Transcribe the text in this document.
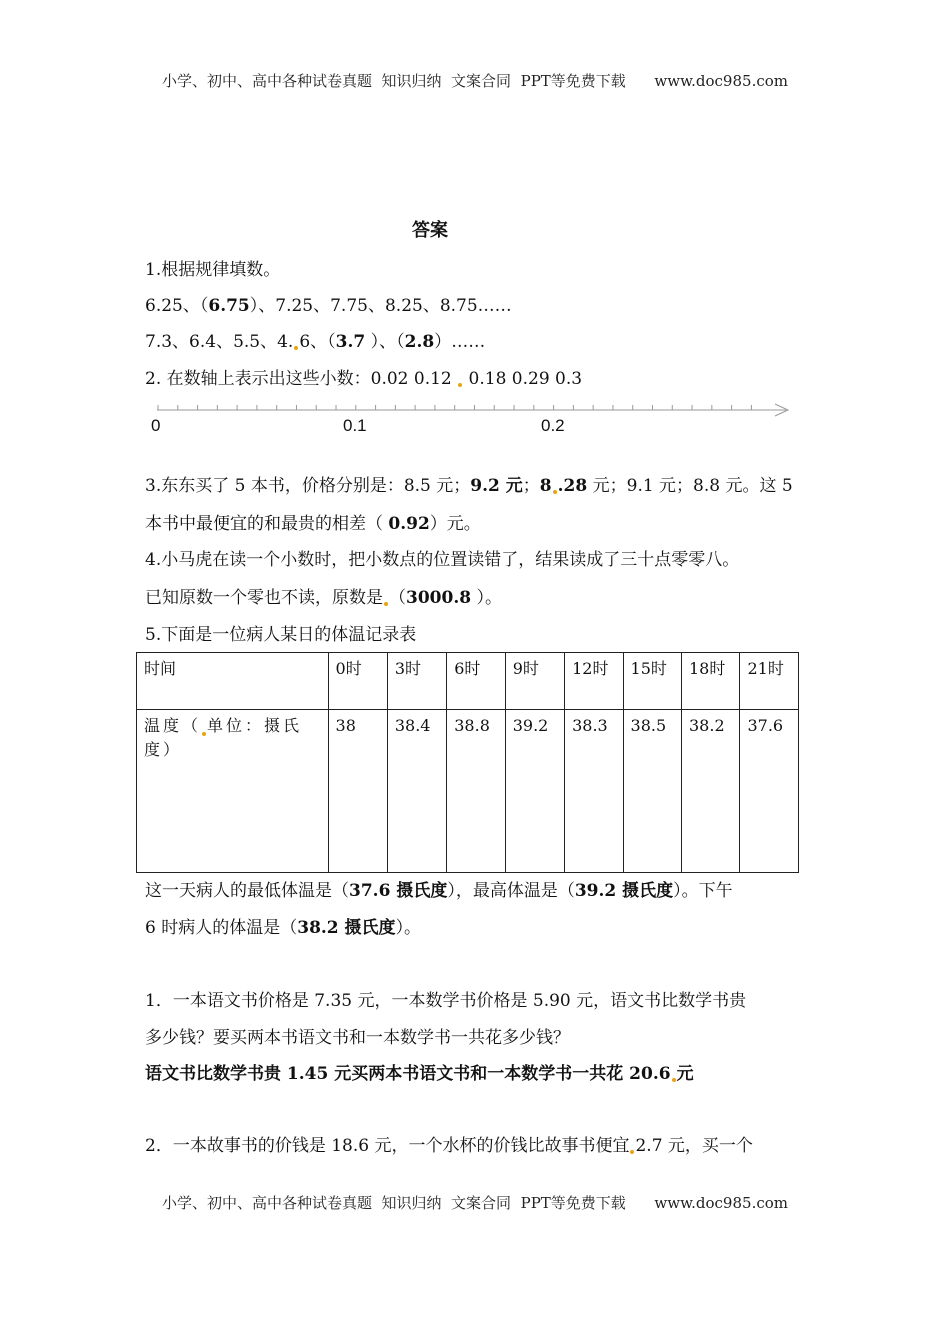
小学、初中、高中各种试卷真题  知识归纳  文案合同  PPT等免费下载      www.doc985.com
答案
1.根据规律填数。
6.25、（6.75）、7.25、7.75、8.25、8.75……
7.3、6.4、5.5、4. 6、（3.7 ）、（2.8）……
2. 在数轴上表示出这些小数：0.02 0.12  0.18 0.29 0.3
0	0.1	0.2
3.东东买了 5 本书，价格分别是：8.5 元；9.2 元；8 .28 元；9.1 元；8.8 元。这 5
本书中最便宜的和最贵的相差（ 0.92）元。
4.小马虎在读一个小数时，把小数点的位置读错了，结果读成了三十点零零八。
已知原数一个零也不读，原数是 （3000.8 ）。
5.下面是一位病人某日的体温记录表
时间	0时	3时	6时	9时	12时	15时	18时	21时
温度（ 单位：摄氏度）	38	38.4	38.8	39.2	38.3	38.5	38.2	37.6
这一天病人的最低体温是（37.6 摄氏度），最高体温是（39.2 摄氏度）。下午
6 时病人的体温是（38.2 摄氏度）。
1．一本语文书价格是 7.35 元，一本数学书价格是 5.90 元，语文书比数学书贵
多少钱？要买两本书语文书和一本数学书一共花多少钱？
语文书比数学书贵 1.45 元买两本书语文书和一本数学书一共花 20.6 元
2．一本故事书的价钱是 18.6 元，一个水杯的价钱比故事书便宜 2.7 元，买一个
小学、初中、高中各种试卷真题  知识归纳  文案合同  PPT等免费下载      www.doc985.com
